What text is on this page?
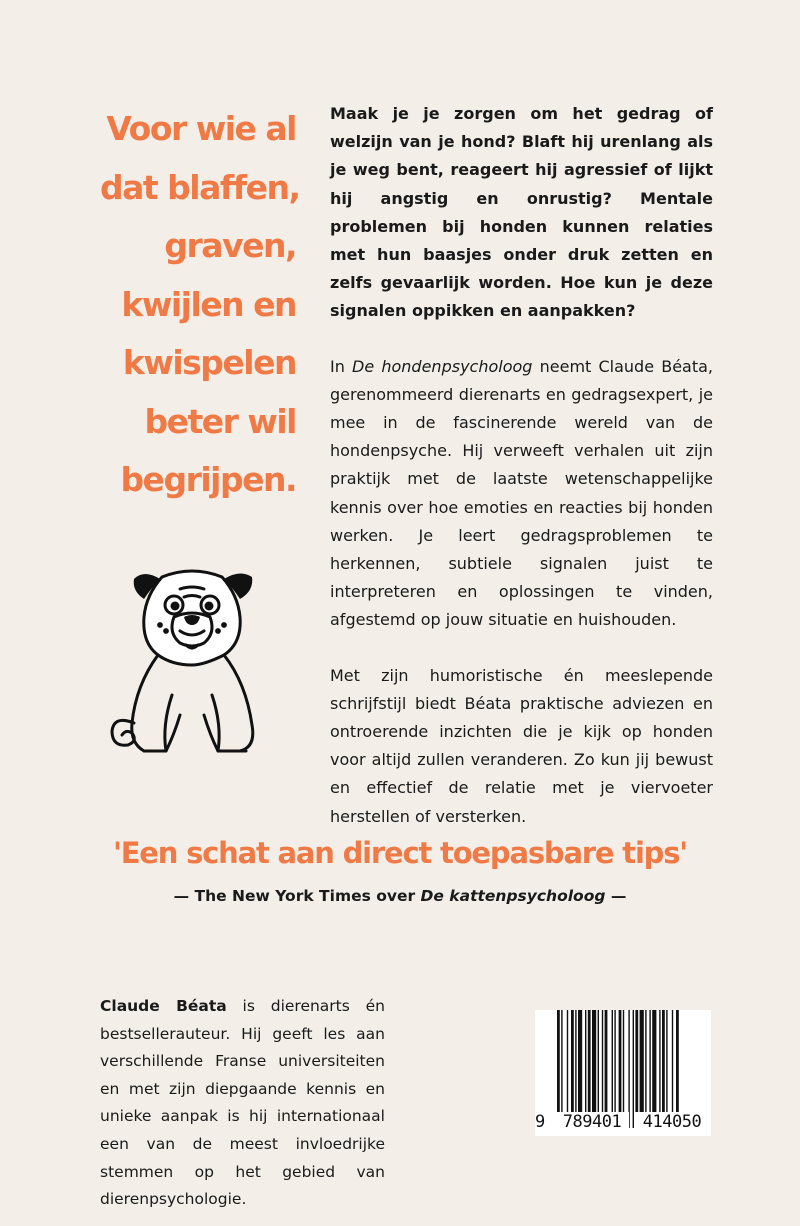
Voor wie al
dat blaffen,
graven,
kwijlen en
kwispelen
beter wil
begrijpen.

Maak je je zorgen om het gedrag of welzijn van je hond? Blaft hij urenlang als je weg bent, reageert hij agressief of lijkt hij angstig en onrustig? Mentale problemen bij honden kunnen relaties met hun baasjes onder druk zetten en zelfs gevaarlijk worden. Hoe kun je deze signalen oppikken en aanpakken?

In De hondenpsycholoog neemt Claude Béata, gerenommeerd dierenarts en gedragsexpert, je mee in de fascinerende wereld van de hondenpsyche. Hij verweeft verhalen uit zijn praktijk met de laatste wetenschappelijke kennis over hoe emoties en reacties bij honden werken. Je leert gedragsproblemen te herkennen, subtiele signalen juist te interpreteren en oplossingen te vinden, afgestemd op jouw situatie en huishouden.

Met zijn humoristische én meeslepende schrijfstijl biedt Béata praktische adviezen en ontroerende inzichten die je kijk op honden voor altijd zullen veranderen. Zo kun jij bewust en effectief de relatie met je viervoeter herstellen of versterken.

'Een schat aan direct toepasbare tips'
— The New York Times over De kattenpsycholoog —
Claude Béata is dierenarts én bestsellerauteur. Hij geeft les aan verschillende Franse universiteiten en met zijn diepgaande kennis en unieke aanpak is hij internationaal een van de meest invloedrijke stemmen op het gebied van dierenpsychologie.
9	789401	414050
